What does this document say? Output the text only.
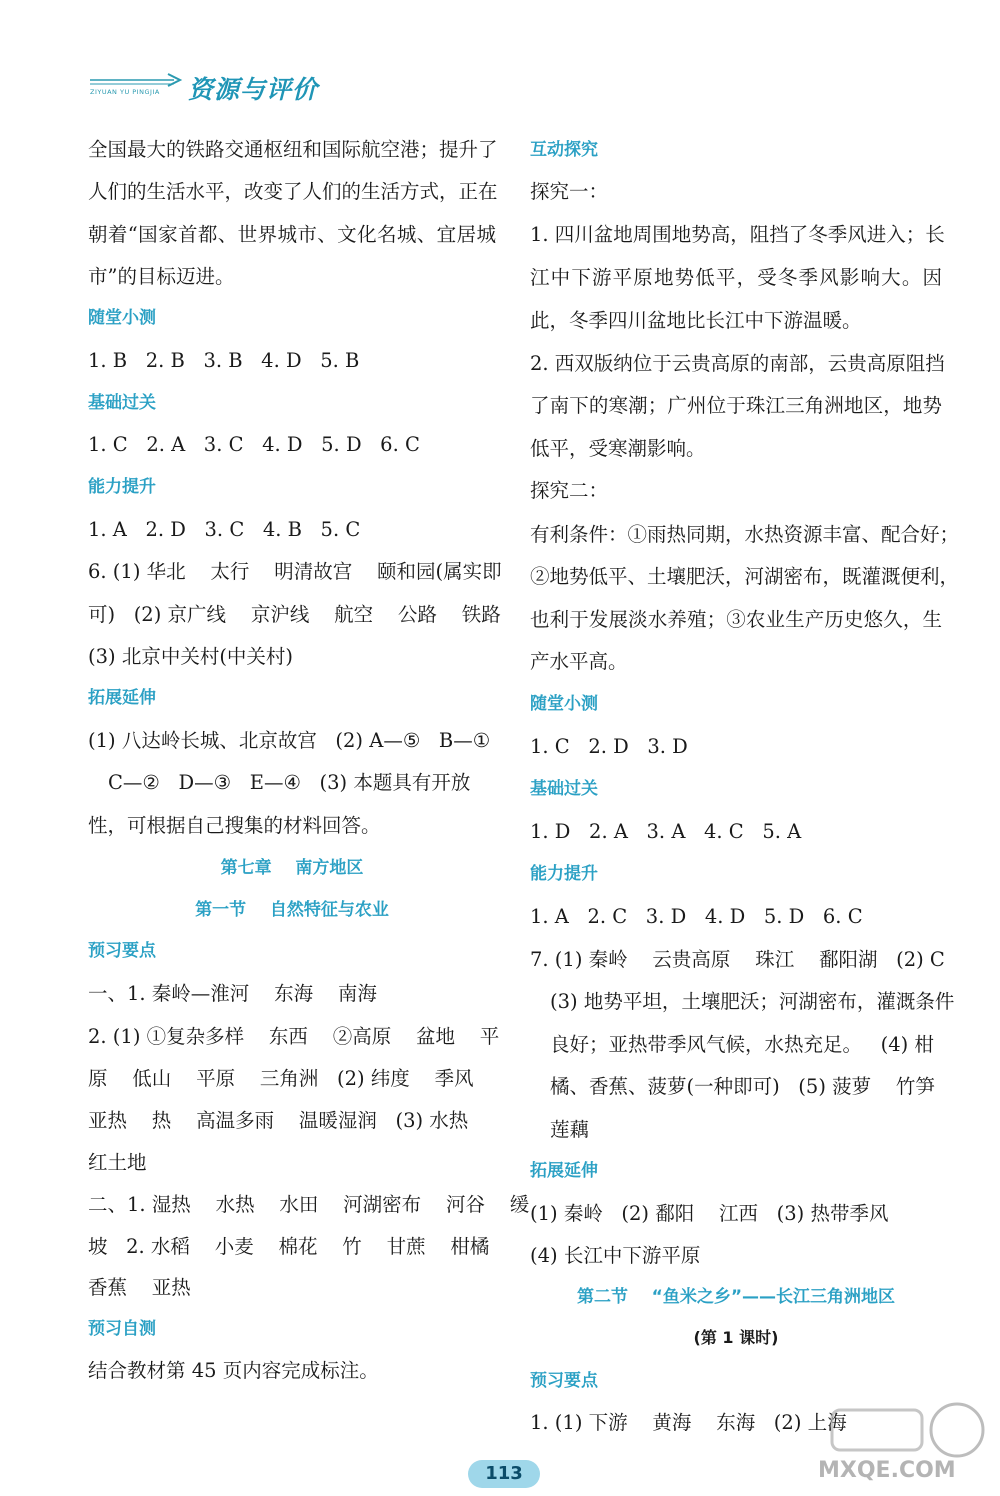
ZIYUAN YU PINGJIA 资源与评价
全国最大的铁路交通枢纽和国际航空港；提升了
人们的生活水平，改变了人们的生活方式，正在
朝着“国家首都、世界城市、文化名城、宜居城
市”的目标迈进。
随堂小测
1. B   2. B   3. B   4. D   5. B
基础过关
1. C   2. A   3. C   4. D   5. D   6. C
能力提升
1. A   2. D   3. C   4. B   5. C
6. (1) 华北    太行    明清故宫    颐和园(属实即
可)   (2) 京广线    京沪线    航空    公路    铁路
(3) 北京中关村(中关村)
拓展延伸
(1) 八达岭长城、北京故宫   (2) A—⑤   B—①
C—②   D—③   E—④   (3) 本题具有开放
性，可根据自己搜集的材料回答。
第七章    南方地区
第一节    自然特征与农业
预习要点
一、1. 秦岭—淮河    东海    南海
2. (1) ①复杂多样    东西    ②高原    盆地    平
原    低山    平原    三角洲   (2) 纬度    季风
亚热    热    高温多雨    温暖湿润   (3) 水热
红土地
二、1. 湿热    水热    水田    河湖密布    河谷    缓
坡   2. 水稻    小麦    棉花    竹    甘蔗    柑橘
香蕉    亚热
预习自测
结合教材第 45 页内容完成标注。
互动探究
探究一：
1. 四川盆地周围地势高，阻挡了冬季风进入；长
江中下游平原地势低平，受冬季风影响大。因
此，冬季四川盆地比长江中下游温暖。
2. 西双版纳位于云贵高原的南部，云贵高原阻挡
了南下的寒潮；广州位于珠江三角洲地区，地势
低平，受寒潮影响。
探究二：
有利条件：①雨热同期，水热资源丰富、配合好；
②地势低平、土壤肥沃，河湖密布，既灌溉便利，
也利于发展淡水养殖；③农业生产历史悠久，生
产水平高。
随堂小测
1. C   2. D   3. D
基础过关
1. D   2. A   3. A   4. C   5. A
能力提升
1. A   2. C   3. D   4. D   5. D   6. C
7. (1) 秦岭    云贵高原    珠江    鄱阳湖   (2) C
(3) 地势平坦，土壤肥沃；河湖密布，灌溉条件
良好；亚热带季风气候，水热充足。   (4) 柑
橘、香蕉、菠萝(一种即可)   (5) 菠萝    竹笋
莲藕
拓展延伸
(1) 秦岭   (2) 鄱阳    江西   (3) 热带季风
(4) 长江中下游平原
第二节    “鱼米之乡”——长江三角洲地区
(第 1 课时)
预习要点
1. (1) 下游    黄海    东海   (2) 上海
113	MXQE.COM
